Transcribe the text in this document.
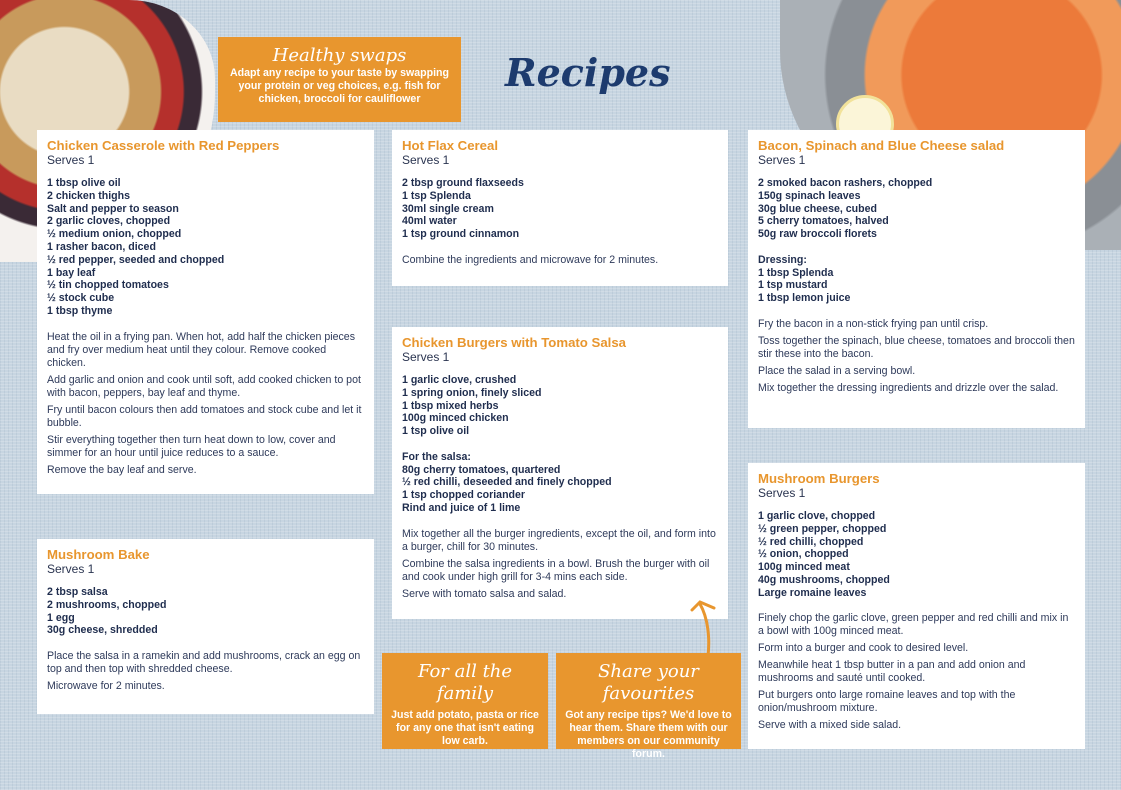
Recipes
Healthy swaps
Adapt any recipe to your taste by swapping your protein or veg choices, e.g. fish for chicken, broccoli for cauliflower
Chicken Casserole with Red Peppers
Serves 1
1 tbsp olive oil
2 chicken thighs
Salt and pepper to season
2 garlic cloves, chopped
½ medium onion, chopped
1 rasher bacon, diced
½ red pepper, seeded and chopped
1 bay leaf
½ tin chopped tomatoes
½ stock cube
1 tbsp thyme

Heat the oil in a frying pan. When hot, add half the chicken pieces and fry over medium heat until they colour. Remove cooked chicken.

Add garlic and onion and cook until soft, add cooked chicken to pot with bacon, peppers, bay leaf and thyme.

Fry until bacon colours then add tomatoes and stock cube and let it bubble.

Stir everything together then turn heat down to low, cover and simmer for an hour until juice reduces to a sauce.

Remove the bay leaf and serve.

Hot Flax Cereal
Serves 1
2 tbsp ground flaxseeds
1 tsp Splenda
30ml single cream
40ml water
1 tsp ground cinnamon

Combine the ingredients and microwave for 2 minutes.

Bacon, Spinach and Blue Cheese salad
Serves 1
2 smoked bacon rashers, chopped
150g spinach leaves
30g blue cheese, cubed
5 cherry tomatoes, halved
50g raw broccoli florets
Dressing:
1 tbsp Splenda
1 tsp mustard
1 tbsp lemon juice

Fry the bacon in a non-stick frying pan until crisp.

Toss together the spinach, blue cheese, tomatoes and broccoli then stir these into the bacon.

Place the salad in a serving bowl.

Mix together the dressing ingredients and drizzle over the salad.

Chicken Burgers with Tomato Salsa
Serves 1
1 garlic clove, crushed
1 spring onion, finely sliced
1 tbsp mixed herbs
100g minced chicken
1 tsp olive oil
For the salsa:
80g cherry tomatoes, quartered
½ red chilli, deseeded and finely chopped
1 tsp chopped coriander
Rind and juice of 1 lime

Mix together all the burger ingredients, except the oil, and form into a burger, chill for 30 minutes.

Combine the salsa ingredients in a bowl. Brush the burger with oil and cook under high grill for 3-4 mins each side.

Serve with tomato salsa and salad.

Mushroom Bake
Serves 1
2 tbsp salsa
2 mushrooms, chopped
1 egg
30g cheese, shredded

Place the salsa in a ramekin and add mushrooms, crack an egg on top and then top with shredded cheese.

Microwave for 2 minutes.

Mushroom Burgers
Serves 1
1 garlic clove, chopped
½ green pepper, chopped
½ red chilli, chopped
½ onion, chopped
100g minced meat
40g mushrooms, chopped
Large romaine leaves

Finely chop the garlic clove, green pepper and red chilli and mix in a bowl with 100g minced meat.

Form into a burger and cook to desired level.

Meanwhile heat 1 tbsp butter in a pan and add onion and mushrooms and sauté until cooked.

Put burgers onto large romaine leaves and top with the onion/mushroom mixture.

Serve with a mixed side salad.

For all the family
Just add potato, pasta or rice for any one that isn't eating low carb.
Share your favourites
Got any recipe tips? We'd love to hear them. Share them with our members on our community forum.
